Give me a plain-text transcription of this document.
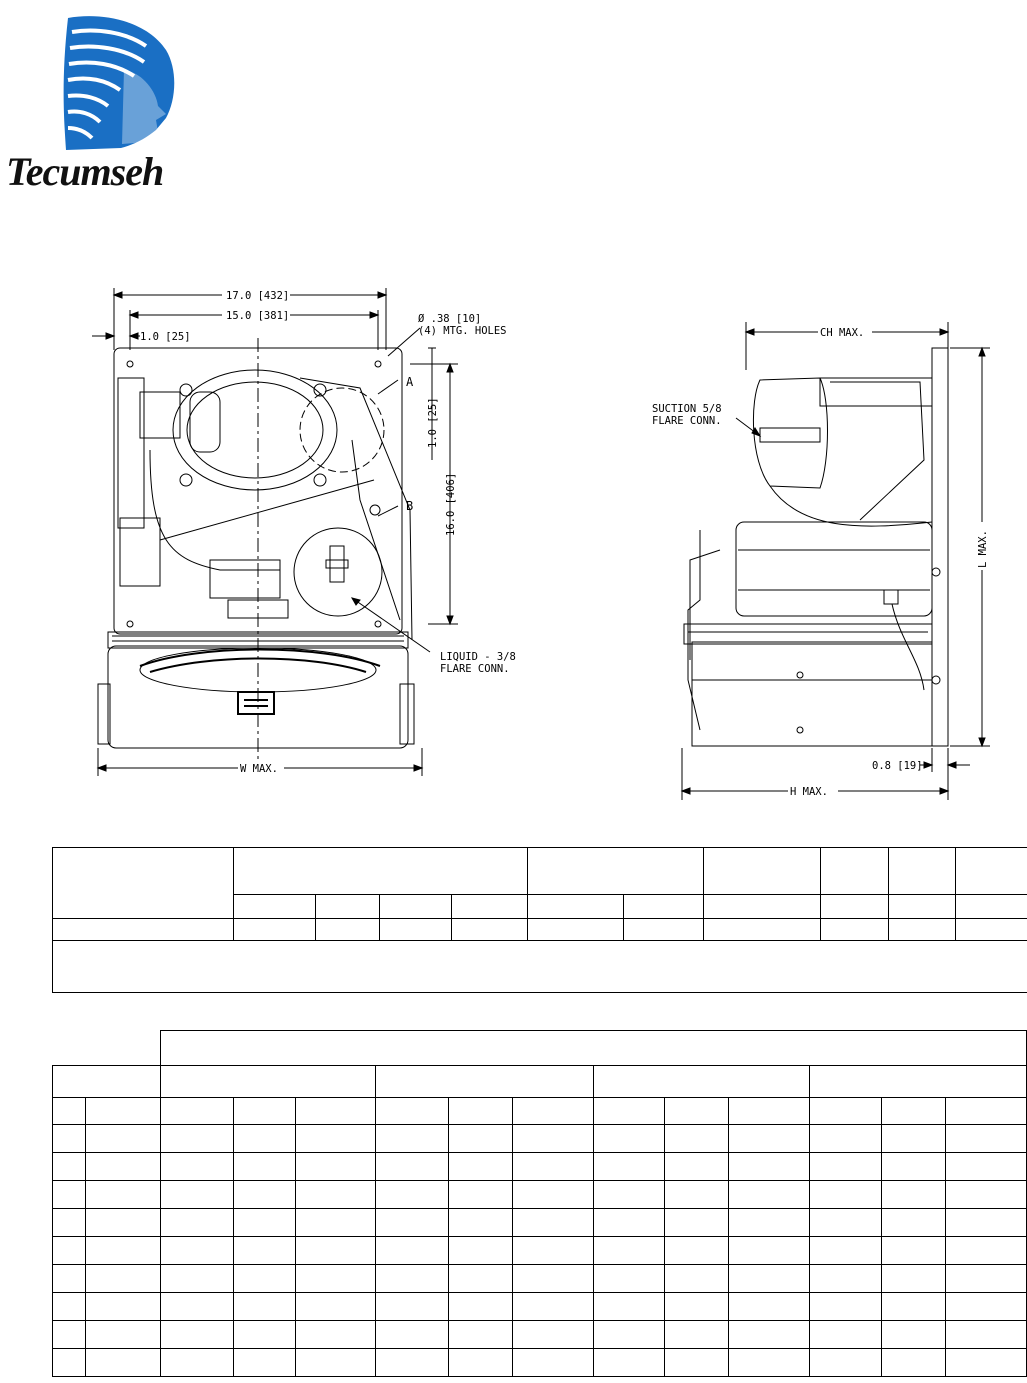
Tecumseh
17.0 [432]
15.0 [381]
1.0 [25]
Ø .38 [10]
(4) MTG. HOLES
A
B
1.0 [25]
16.0 [406]
LIQUID - 3/8
FLARE CONN.
W MAX.
CH MAX.
SUCTION 5/8
FLARE CONN.
L MAX.
0.8 [19]
H MAX.
